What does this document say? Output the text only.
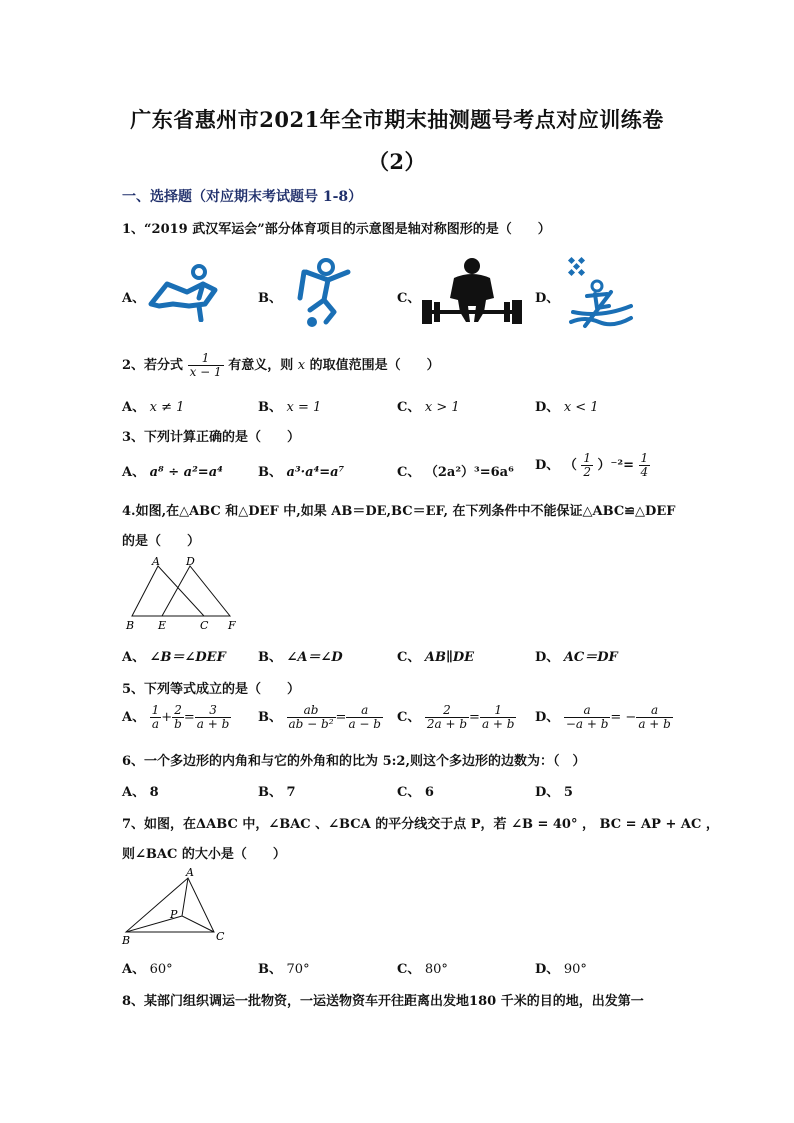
广东省惠州市2021年全市期末抽测题号考点对应训练卷
（2）
一、选择题（对应期末考试题号 1-8）
1、“2019 武汉军运会”部分体育项目的示意图是轴对称图形的是（　　）
A、	B、	C、	D、
2、若分式 $\frac{1}{x - 1}$ 有意义，则 x 的取值范围是（　　）
A、 x ≠ 1	B、 x = 1	C、 x > 1	D、 x < 1
3、下列计算正确的是（　　）
A、 a⁸ ÷ a²=a⁴	B、 a³·a⁴=a⁷	C、 （2a²）³=6a⁶ D、 （ $\frac{1}{2} )^{-2}= \frac{1}{4}$
4.如图,在△ABC 和△DEF 中,如果 AB＝DE,BC＝EF, 在下列条件中不能保证△ABC≌△DEF
的是（　　）
A D
B E	C F
A、 ∠B＝∠DEF B、 ∠A＝∠D	C、 AB∥DE	D、 AC＝DF
5、下列等式成立的是（　　）
A、 $\frac{1}{a} + \frac{2}{b} = \frac{3}{a + b}$ B、 $\frac{ab}{\text{ab − b²}} = \frac{a}{a - b}$ C、 $\frac{2}{2a + b} = \frac{1}{a + b}$ D、 $\frac{a}{-a + b}$ = − $\frac{a}{a + b}$
6、一个多边形的内角和与它的外角和的比为 5:2,则这个多边形的边数为：（　）
A、 8	B、 7	C、 6	D、 5
7、如图，在ΔABC 中，∠BAC 、∠BCA 的平分线交于点 P，若 ∠B = 40° ， BC = AP + AC ，
则∠BAC 的大小是（　　）
A
P
B	C
A、 60°	B、 70°	C、 80°	D、 90°
8、某部门组织调运一批物资，一运送物资车开往距离出发地180 千米的目的地，出发第一
